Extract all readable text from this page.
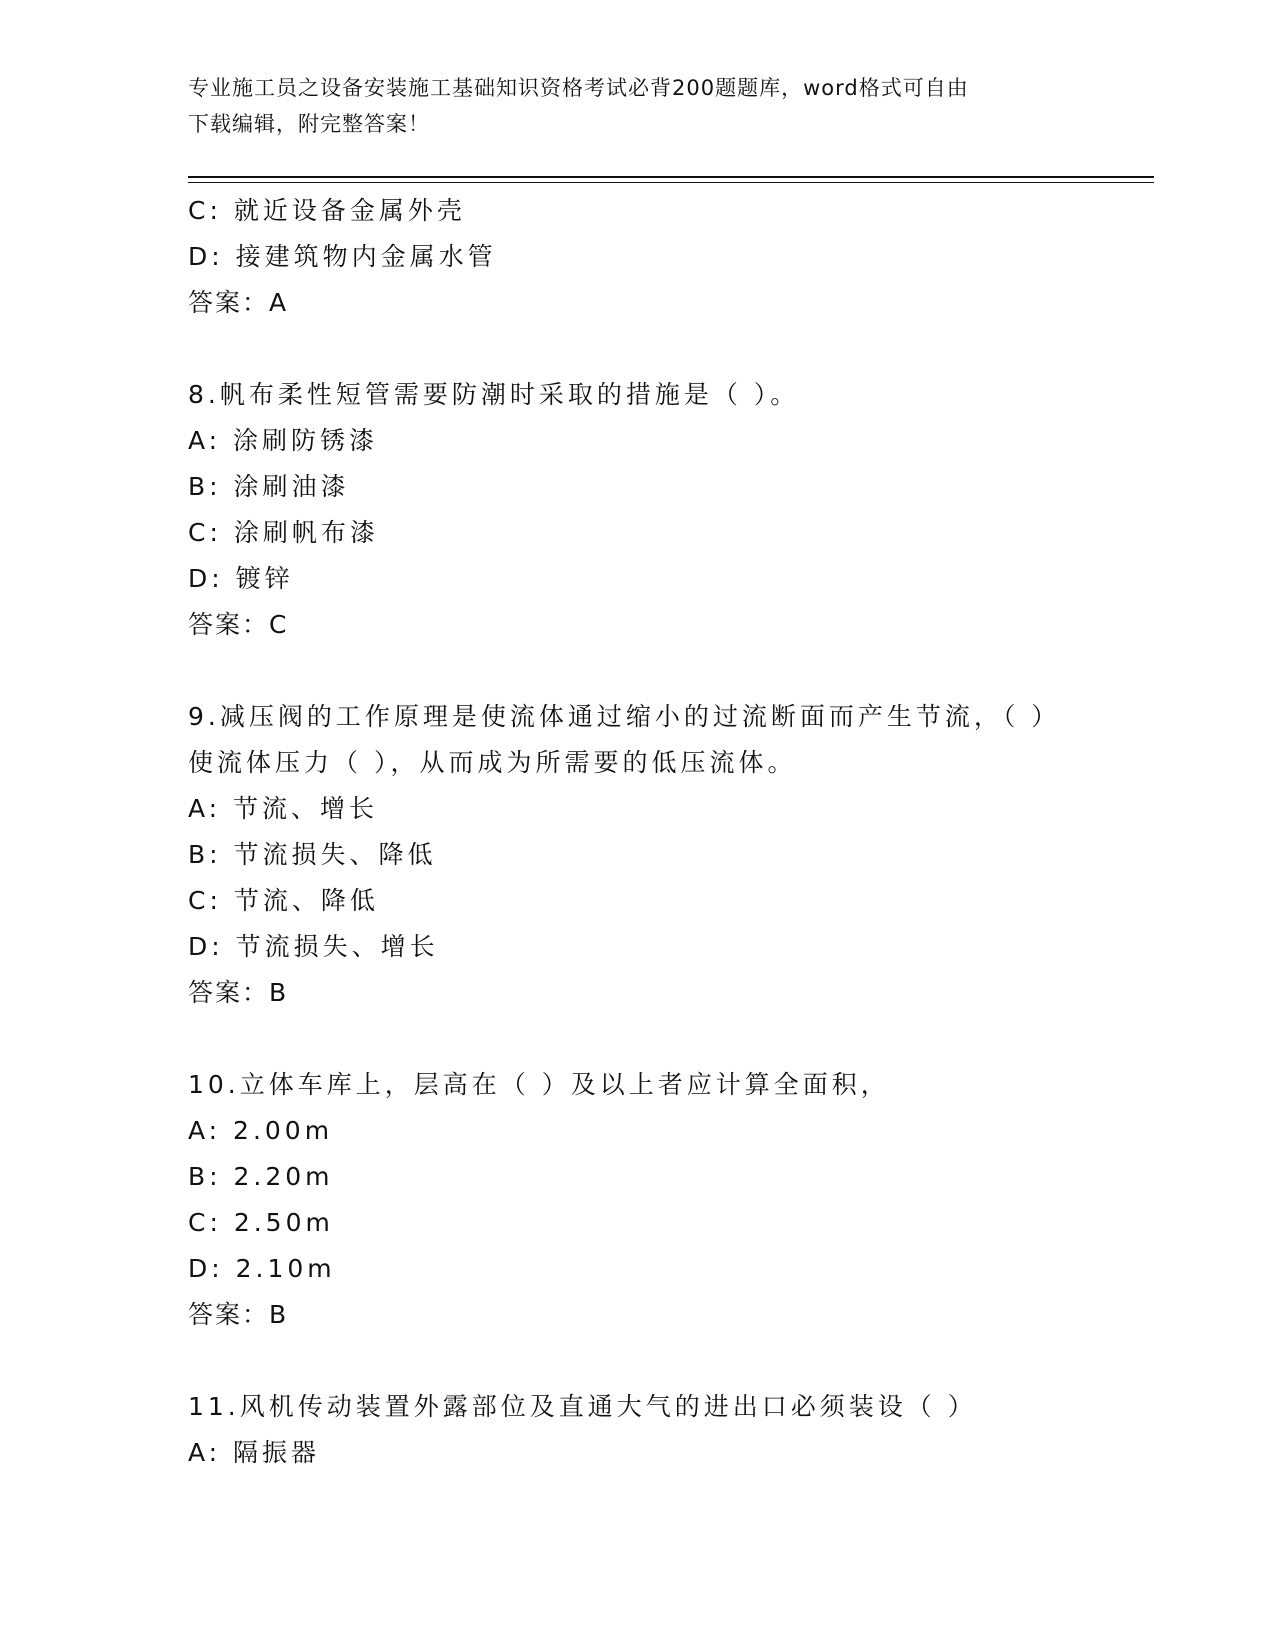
专业施工员之设备安装施工基础知识资格考试必背200题题库，word格式可自由
下载编辑，附完整答案！
C: 就近设备金属外壳
D: 接建筑物内金属水管
答案：A
8.帆布柔性短管需要防潮时采取的措施是（ ）。
A: 涂刷防锈漆
B: 涂刷油漆
C: 涂刷帆布漆
D: 镀锌
答案：C
9.减压阀的工作原理是使流体通过缩小的过流断面而产生节流，（ ）
使流体压力（ ），从而成为所需要的低压流体。
A: 节流、增长
B: 节流损失、降低
C: 节流、降低
D: 节流损失、增长
答案：B
10.立体车库上，层高在（ ）及以上者应计算全面积，
A: 2.00m
B: 2.20m
C: 2.50m
D: 2.10m
答案：B
11.风机传动装置外露部位及直通大气的进出口必须装设（ ）
A: 隔振器
